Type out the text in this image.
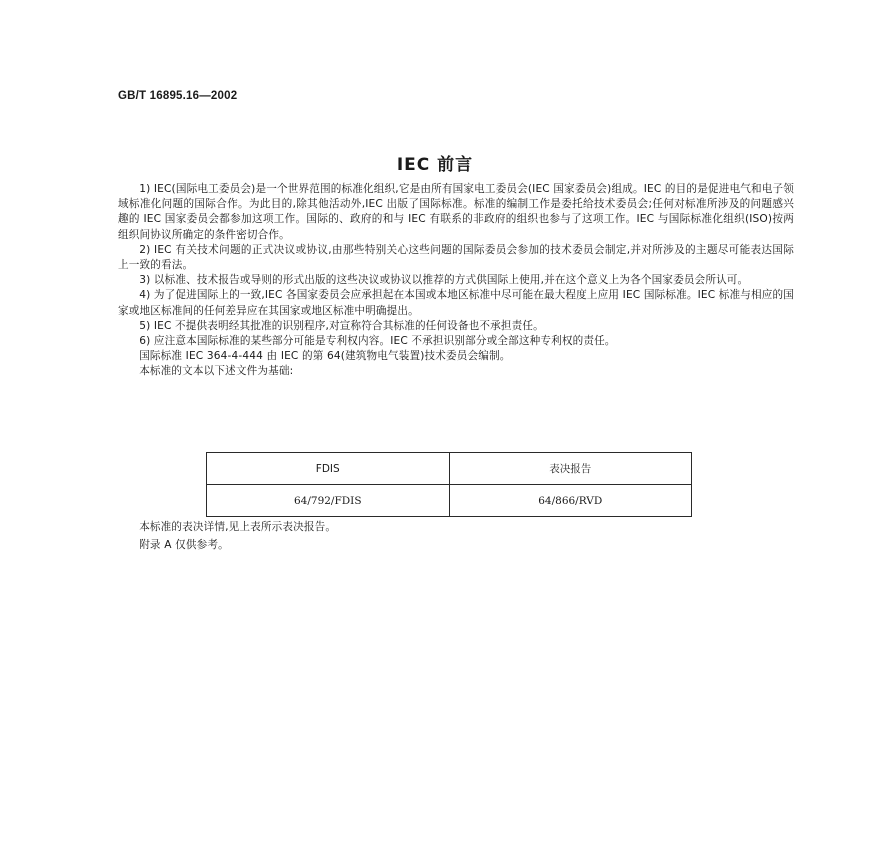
GB/T 16895.16—2002
IEC 前言

1) IEC(国际电工委员会)是一个世界范围的标准化组织,它是由所有国家电工委员会(IEC 国家委员会)组成。IEC 的目的是促进电气和电子领域标准化问题的国际合作。为此目的,除其他活动外,IEC 出版了国际标准。标准的编制工作是委托给技术委员会;任何对标准所涉及的问题感兴趣的 IEC 国家委员会都参加这项工作。国际的、政府的和与 IEC 有联系的非政府的组织也参与了这项工作。IEC 与国际标准化组织(ISO)按两组织间协议所确定的条件密切合作。

2) IEC 有关技术问题的正式决议或协议,由那些特别关心这些问题的国际委员会参加的技术委员会制定,并对所涉及的主题尽可能表达国际上一致的看法。

3) 以标准、技术报告或导则的形式出版的这些决议或协议以推荐的方式供国际上使用,并在这个意义上为各个国家委员会所认可。

4) 为了促进国际上的一致,IEC 各国家委员会应承担起在本国或本地区标准中尽可能在最大程度上应用 IEC 国际标准。IEC 标准与相应的国家或地区标准间的任何差异应在其国家或地区标准中明确提出。

5) IEC 不提供表明经其批准的识别程序,对宣称符合其标准的任何设备也不承担责任。

6) 应注意本国际标准的某些部分可能是专利权内容。IEC 不承担识别部分或全部这种专利权的责任。

国际标准 IEC 364-4-444 由 IEC 的第 64(建筑物电气装置)技术委员会编制。

本标准的文本以下述文件为基础:

FDIS	表决报告
64/792/FDIS	64/866/RVD

本标准的表决详情,见上表所示表决报告。

附录 A 仅供参考。
